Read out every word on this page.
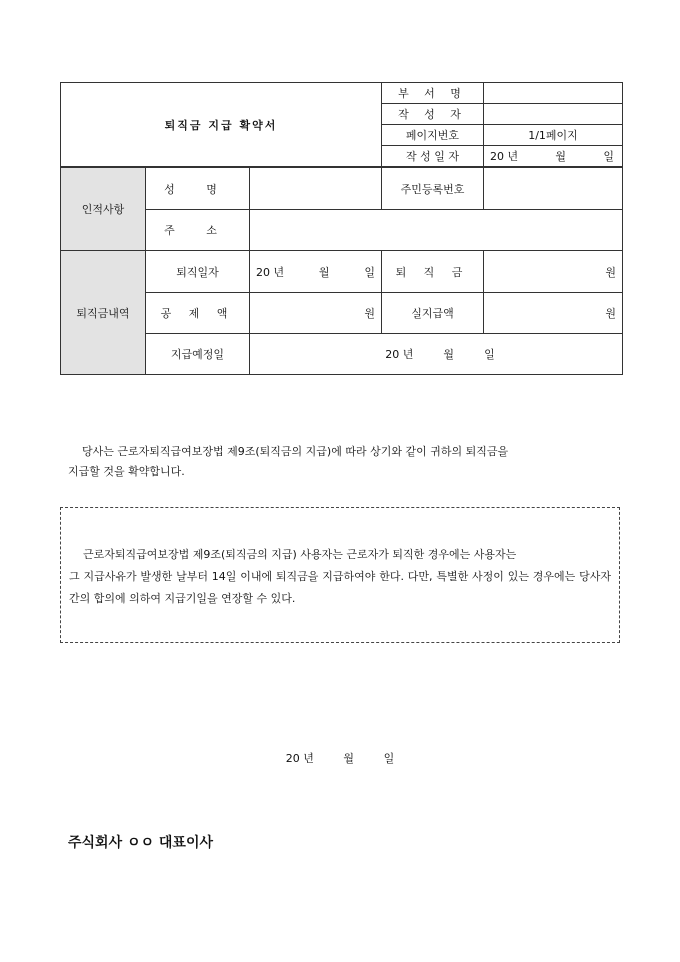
퇴직금 지급 확약서	부 서 명	
	작 성 자	
	페이지번호	1/1페이지
	작 성 일 자	20 년 월 일
인적사항	성 명		주민등록번호	
	주 소			
퇴직금내역	퇴직일자	20 년 월 일	퇴 직 금	원
	공 제 액	원	실지급액	원
	지급예정일	20 년 월 일		
당사는 근로자퇴직급여보장법 제9조(퇴직금의 지급)에 따라 상기와 같이 귀하의 퇴직금을
지급할 것을 확약합니다.
근로자퇴직급여보장법 제9조(퇴직금의 지급) 사용자는 근로자가 퇴직한 경우에는 사용자는
그 지급사유가 발생한 날부터 14일 이내에 퇴직금을 지급하여야 한다. 다만, 특별한 사정이 있는 경우에는 당사자간의 합의에 의하여 지급기일을 연장할 수 있다.
20 년	월	일
주식회사 ㅇㅇ 대표이사
